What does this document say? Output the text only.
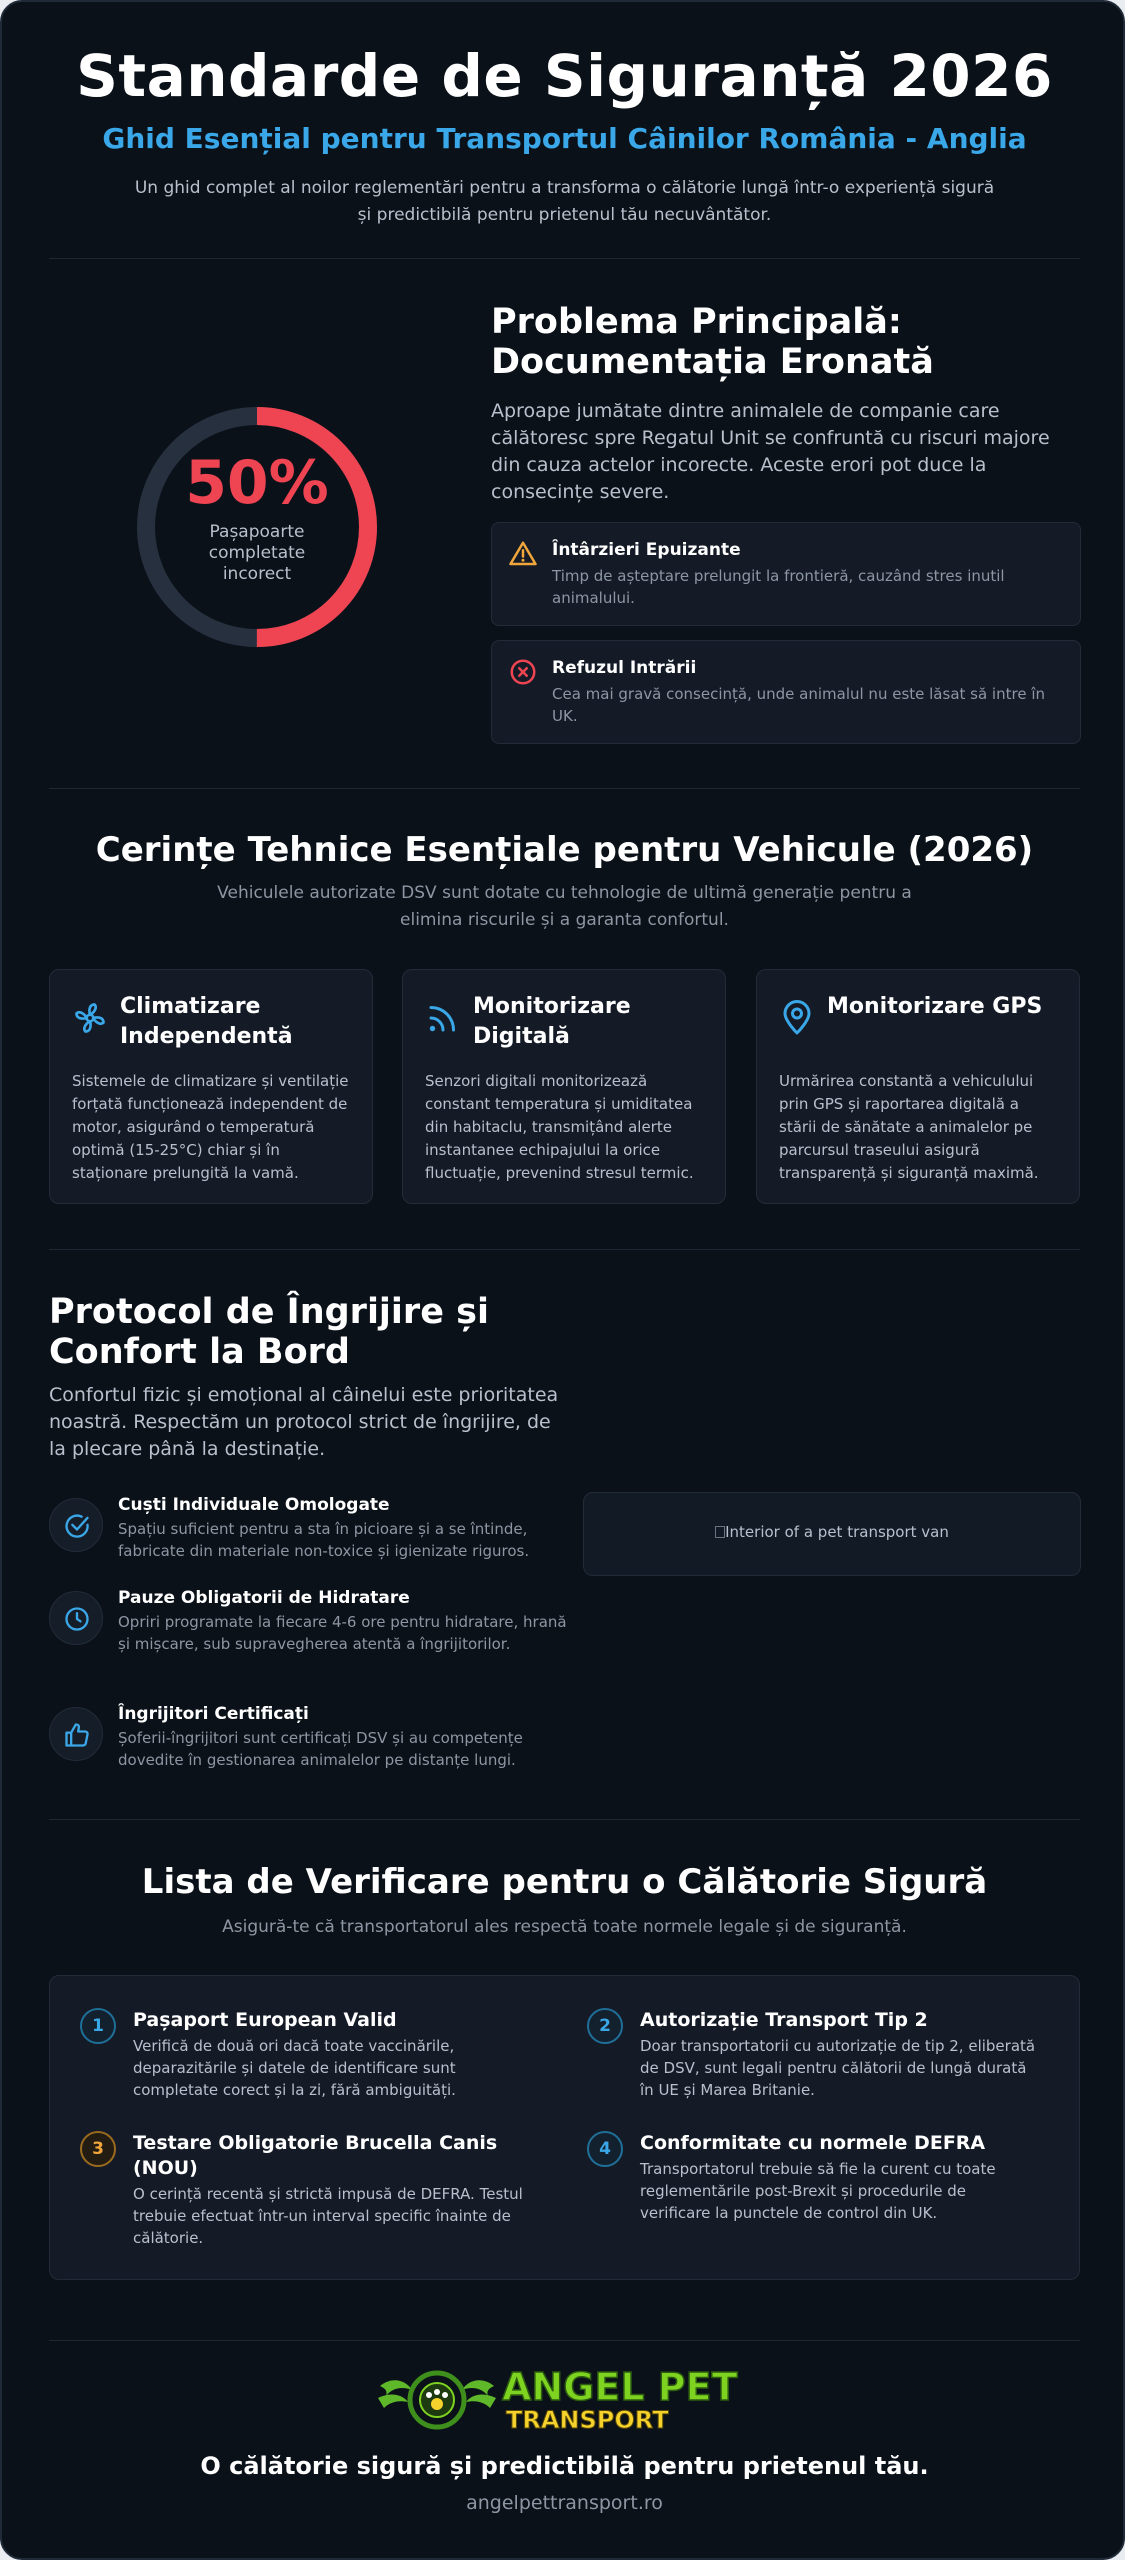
Standarde de Siguranță 2026
Ghid Esențial pentru Transportul Câinilor România - Anglia
Un ghid complet al noilor reglementări pentru a transforma o călătorie lungă într-o experiență sigură și predictibilă pentru prietenul tău necuvântător.
50%
Pașapoarte completate incorect
Problema Principală: Documentația Eronată
Aproape jumătate dintre animalele de companie care călătoresc spre Regatul Unit se confruntă cu riscuri majore din cauza actelor incorecte. Aceste erori pot duce la consecințe severe.
Întârzieri Epuizante
Timp de așteptare prelungit la frontieră, cauzând stres inutil animalului.
Refuzul Intrării
Cea mai gravă consecință, unde animalul nu este lăsat să intre în UK.
Cerințe Tehnice Esențiale pentru Vehicule (2026)
Vehiculele autorizate DSV sunt dotate cu tehnologie de ultimă generație pentru a elimina riscurile și a garanta confortul.
Climatizare Independentă
Sistemele de climatizare și ventilație forțată funcționează independent de motor, asigurând o temperatură optimă (15-25°C) chiar și în staționare prelungită la vamă.
Monitorizare Digitală
Senzori digitali monitorizează constant temperatura și umiditatea din habitaclu, transmițând alerte instantanee echipajului la orice fluctuație, prevenind stresul termic.
Monitorizare GPS
Urmărirea constantă a vehiculului prin GPS și raportarea digitală a stării de sănătate a animalelor pe parcursul traseului asigură transparență și siguranță maximă.
Protocol de Îngrijire și Confort la Bord
Confortul fizic și emoțional al câinelui este prioritatea noastră. Respectăm un protocol strict de îngrijire, de la plecare până la destinație.
Cuști Individuale Omologate
Spațiu suficient pentru a sta în picioare și a se întinde, fabricate din materiale non-toxice și igienizate riguros.
Pauze Obligatorii de Hidratare
Opriri programate la fiecare 4-6 ore pentru hidratare, hrană și mișcare, sub supravegherea atentă a îngrijitorilor.
Îngrijitori Certificați
Șoferii-îngrijitori sunt certificați DSV și au competențe dovedite în gestionarea animalelor pe distanțe lungi.
Interior of a pet transport van
Lista de Verificare pentru o Călătorie Sigură
Asigură-te că transportatorul ales respectă toate normele legale și de siguranță.
1	Pașaport European Valid
Verifică de două ori dacă toate vaccinările, deparazitările și datele de identificare sunt completate corect și la zi, fără ambiguități.
2	Autorizație Transport Tip 2
Doar transportatorii cu autorizație de tip 2, eliberată de DSV, sunt legali pentru călătorii de lungă durată în UE și Marea Britanie.
3	Testare Obligatorie Brucella Canis (NOU)
O cerință recentă și strictă impusă de DEFRA. Testul trebuie efectuat într-un interval specific înainte de călătorie.
4	Conformitate cu normele DEFRA
Transportatorul trebuie să fie la curent cu toate reglementările post-Brexit și procedurile de verificare la punctele de control din UK.
ANGEL PET
TRANSPORT
O călătorie sigură și predictibilă pentru prietenul tău.
angelpettransport.ro
